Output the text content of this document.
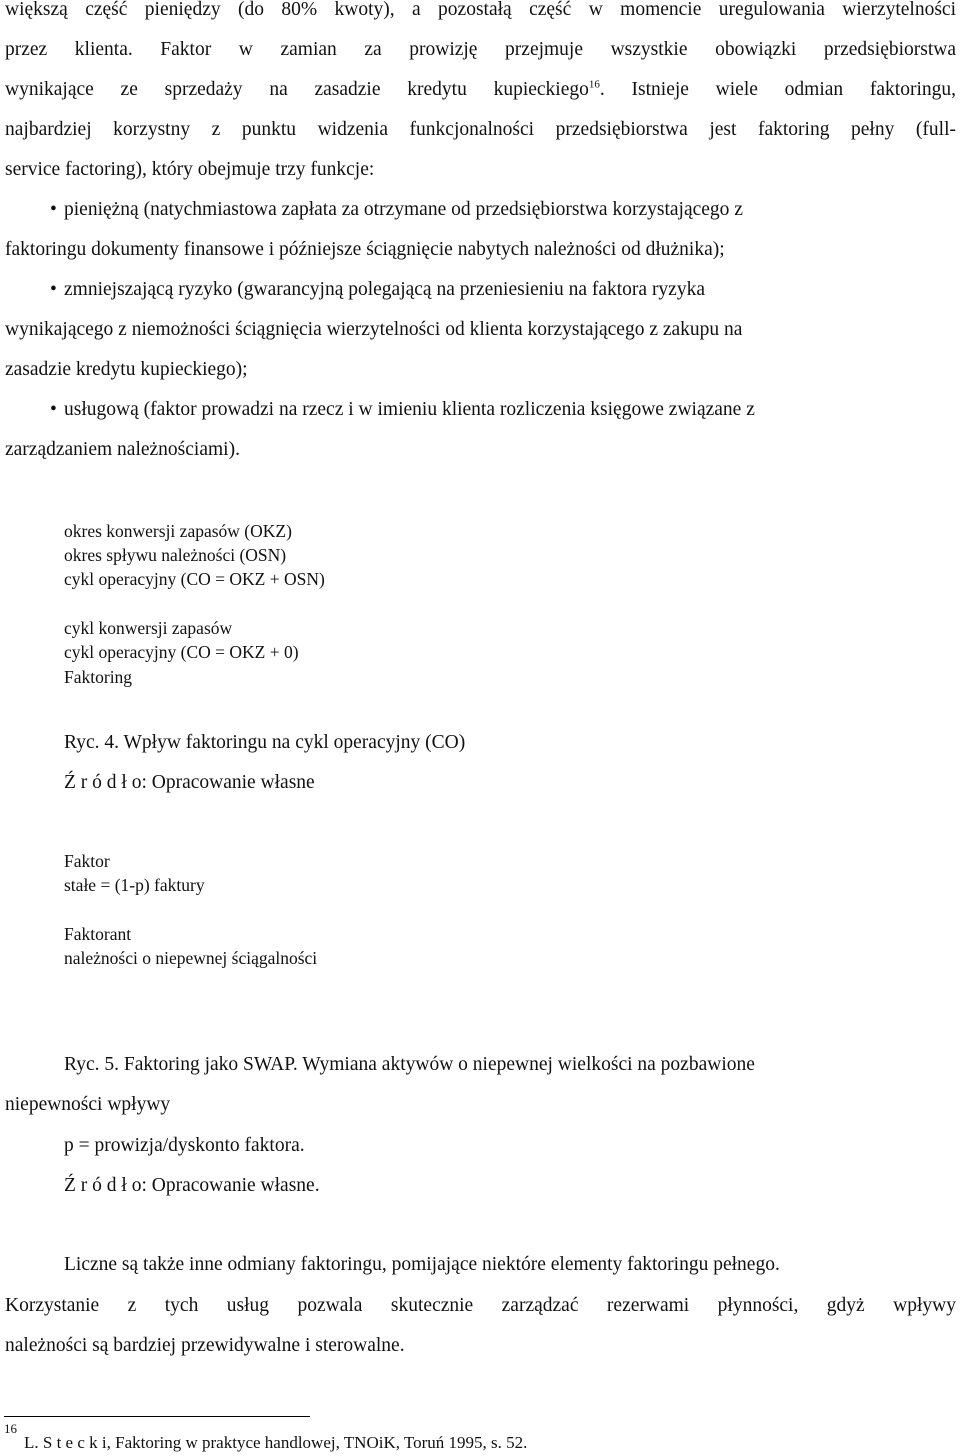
większą część pieniędzy (do 80% kwoty), a pozostałą część w momencie uregulowania wierzytelności
przez klienta. Faktor w zamian za prowizję przejmuje wszystkie obowiązki przedsiębiorstwa
wynikające ze sprzedaży na zasadzie kredytu kupieckiego$^{16}$. Istnieje wiele odmian faktoringu,
najbardziej korzystny z punktu widzenia funkcjonalności przedsiębiorstwa jest faktoring pełny (full-
service factoring), który obejmuje trzy funkcje:
• pieniężną (natychmiastowa zapłata za otrzymane od przedsiębiorstwa korzystającego z
faktoringu dokumenty finansowe i późniejsze ściągnięcie nabytych należności od dłużnika);
• zmniejszającą ryzyko (gwarancyjną polegającą na przeniesieniu na faktora ryzyka
wynikającego z niemożności ściągnięcia wierzytelności od klienta korzystającego z zakupu na
zasadzie kredytu kupieckiego);
• usługową (faktor prowadzi na rzecz i w imieniu klienta rozliczenia księgowe związane z
zarządzaniem należnościami).
okres konwersji zapasów (OKZ)
okres spływu należności (OSN)
cykl operacyjny (CO = OKZ + OSN)
cykl konwersji zapasów
cykl operacyjny (CO = OKZ + 0)
Faktoring
Ryc. 4. Wpływ faktoringu na cykl operacyjny (CO)
Ź r ó d ł o: Opracowanie własne
Faktor
stałe = (1-p) faktury
Faktorant
należności o niepewnej ściągalności
Ryc. 5. Faktoring jako SWAP. Wymiana aktywów o niepewnej wielkości na pozbawione
niepewności wpływy
p = prowizja/dyskonto faktora.
Ź r ó d ł o: Opracowanie własne.
Liczne są także inne odmiany faktoringu, pomijające niektóre elementy faktoringu pełnego.
Korzystanie z tych usług pozwala skutecznie zarządzać rezerwami płynności, gdyż wpływy
należności są bardziej przewidywalne i sterowalne.
16
L. S t e c k i, Faktoring w praktyce handlowej, TNOiK, Toruń 1995, s. 52.
